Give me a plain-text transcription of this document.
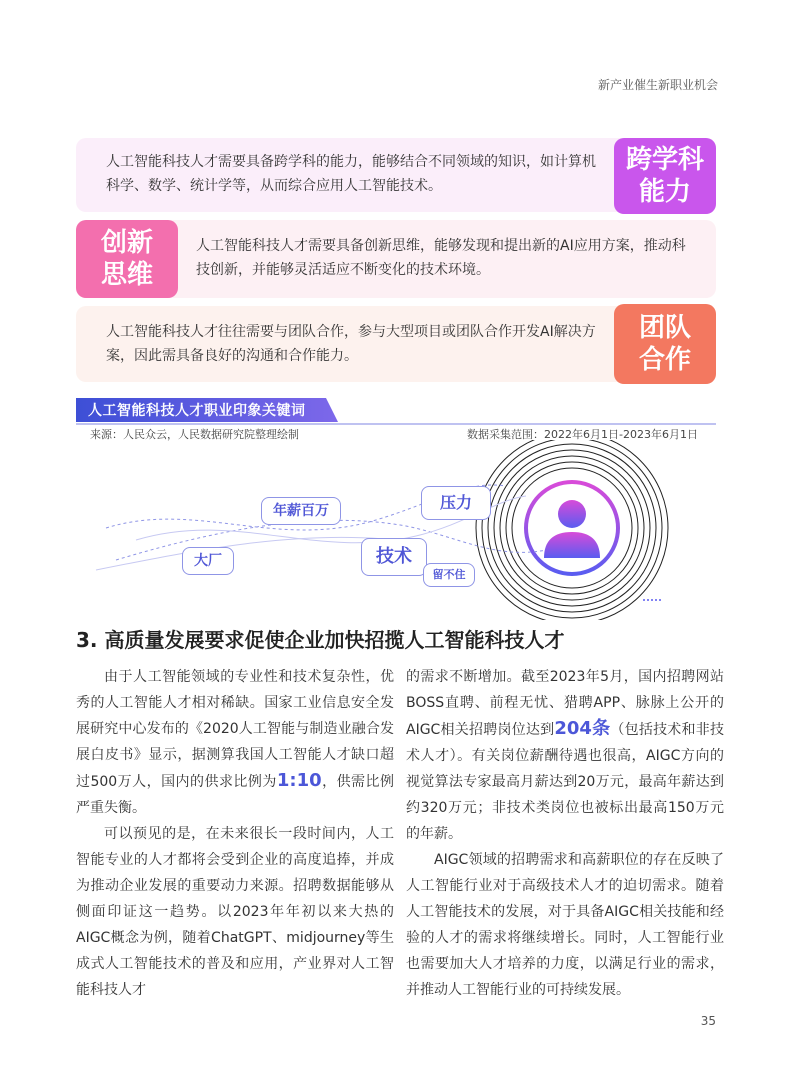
新产业催生新职业机会
人工智能科技人才需要具备跨学科的能力，能够结合不同领域的知识，如计算机科学、数学、统计学等，从而综合应用人工智能技术。
跨学科
能力
人工智能科技人才需要具备创新思维，能够发现和提出新的AI应用方案，推动科技创新，并能够灵活适应不断变化的技术环境。
创新
思维
人工智能科技人才往往需要与团队合作，参与大型项目或团队合作开发AI解决方案，因此需具备良好的沟通和合作能力。
团队
合作
人工智能科技人才职业印象关键词
来源：人民众云，人民数据研究院整理绘制	数据采集范围：2022年6月1日-2023年6月1日
年薪百万	压力
大厂	技术
留不住
3. 高质量发展要求促使企业加快招揽人工智能科技人才

由于人工智能领域的专业性和技术复杂性，优秀的人工智能人才相对稀缺。国家工业信息安全发展研究中心发布的《2020人工智能与制造业融合发展白皮书》显示，据测算我国人工智能人才缺口超过500万人，国内的供求比例为1:10，供需比例严重失衡。

可以预见的是，在未来很长一段时间内，人工智能专业的人才都将会受到企业的高度追捧，并成为推动企业发展的重要动力来源。招聘数据能够从侧面印证这一趋势。以2023年年初以来大热的AIGC概念为例，随着ChatGPT、midjourney等生成式人工智能技术的普及和应用，产业界对人工智能科技人才

的需求不断增加。截至2023年5月，国内招聘网站BOSS直聘、前程无忧、猎聘APP、脉脉上公开的AIGC相关招聘岗位达到204条（包括技术和非技术人才）。有关岗位薪酬待遇也很高，AIGC方向的视觉算法专家最高月薪达到20万元，最高年薪达到约320万元；非技术类岗位也被标出最高150万元的年薪。

AIGC领域的招聘需求和高薪职位的存在反映了人工智能行业对于高级技术人才的迫切需求。随着人工智能技术的发展，对于具备AIGC相关技能和经验的人才的需求将继续增长。同时，人工智能行业也需要加大人才培养的力度，以满足行业的需求，并推动人工智能行业的可持续发展。

35
